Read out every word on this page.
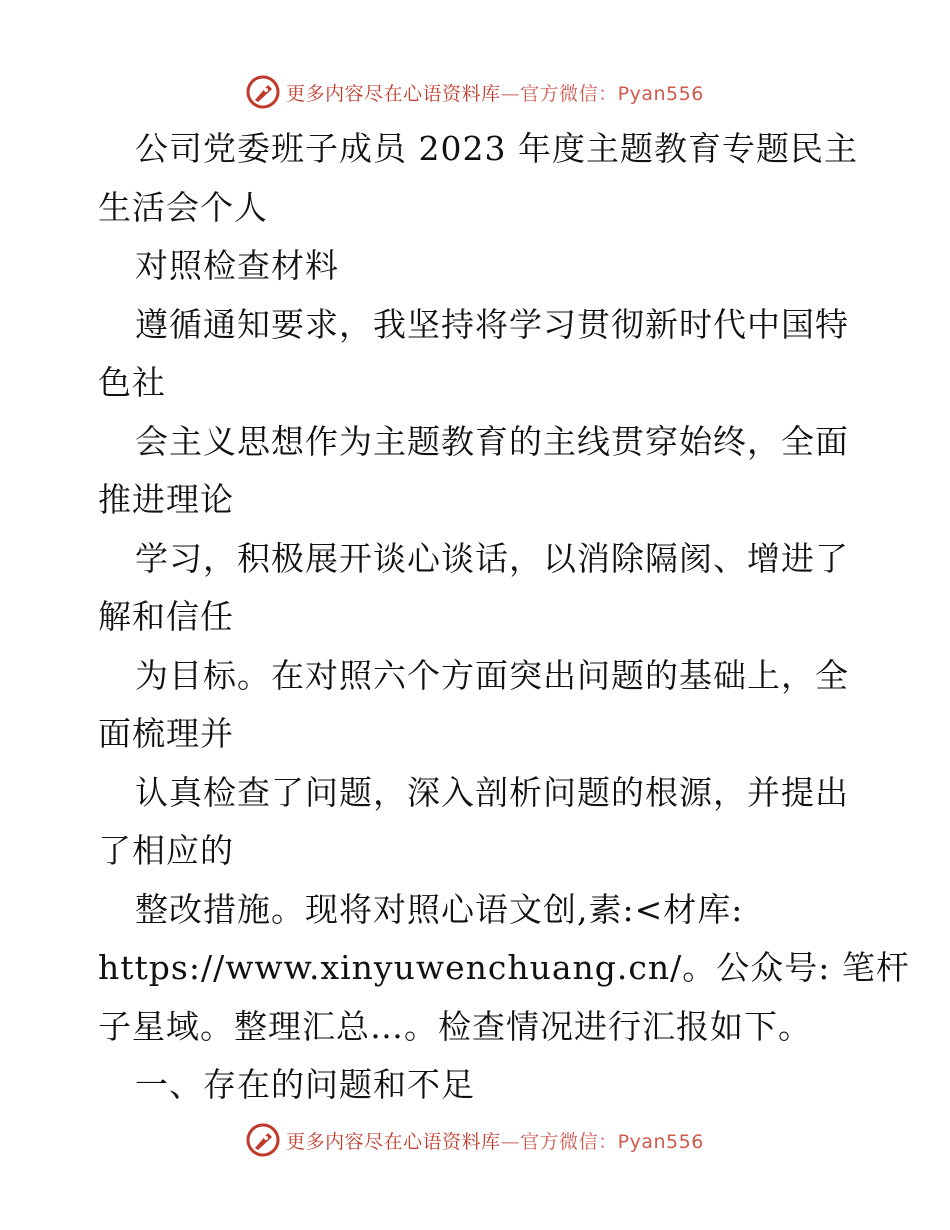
更多内容尽在心语资料库—官方微信：Pyan556
公司党委班子成员 2023 年度主题教育专题民主
生活会个人
对照检查材料
遵循通知要求，我坚持将学习贯彻新时代中国特
色社
会主义思想作为主题教育的主线贯穿始终，全面
推进理论
学习，积极展开谈心谈话，以消除隔阂、增进了
解和信任
为目标。在对照六个方面突出问题的基础上，全
面梳理并
认真检查了问题，深入剖析问题的根源，并提出
了相应的
整改措施。现将对照心语文创,素:<材库:
https://www.xinyuwenchuang.cn/。公众号: 笔杆
子星域。整理汇总…。检查情况进行汇报如下。
一、存在的问题和不足
更多内容尽在心语资料库—官方微信：Pyan556
